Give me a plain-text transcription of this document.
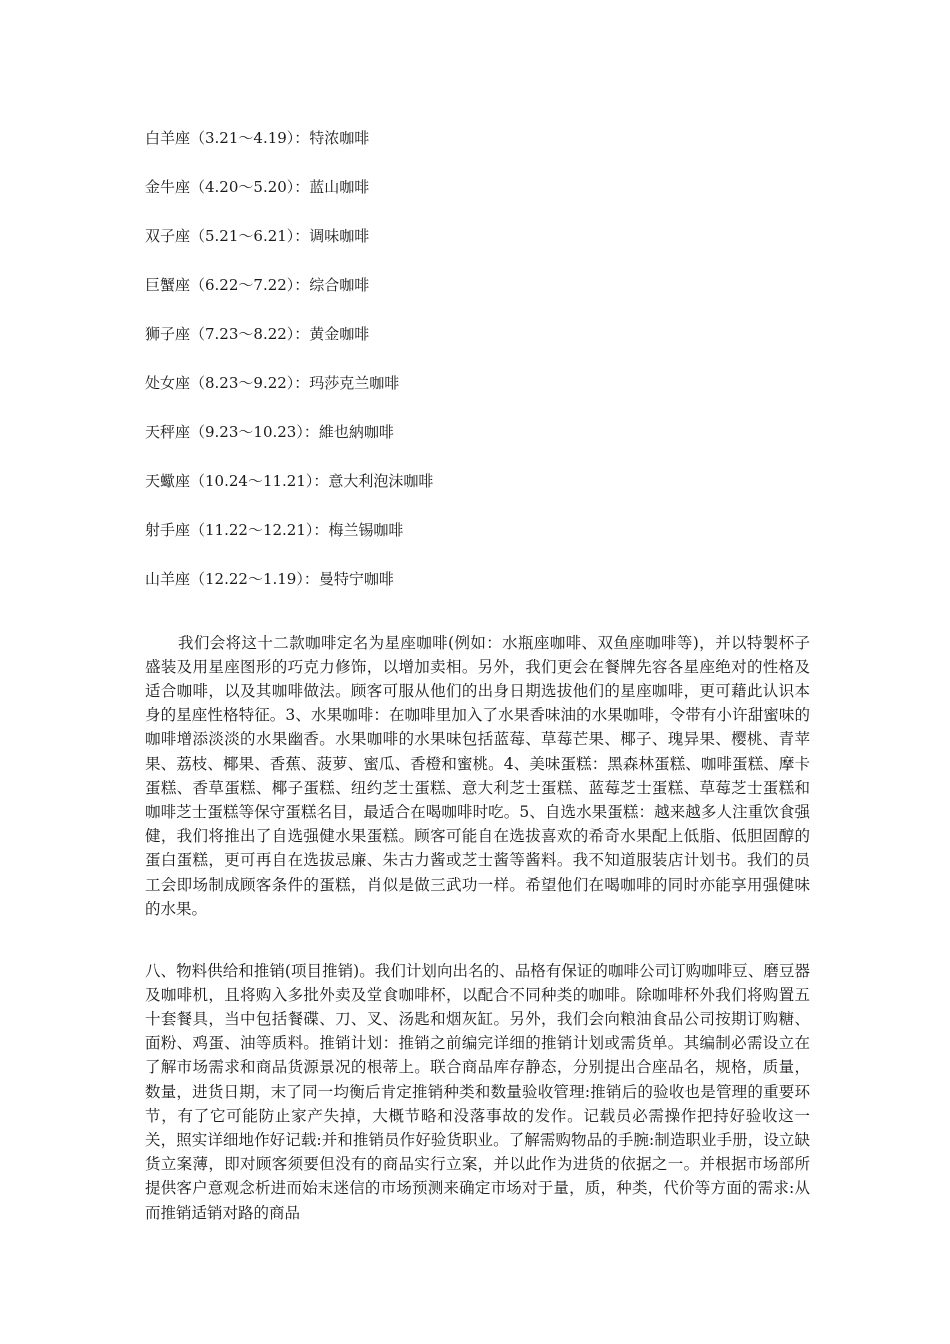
白羊座（3.21～4.19）：特浓咖啡
金牛座（4.20～5.20）：蓝山咖啡
双子座（5.21～6.21）：调味咖啡
巨蟹座（6.22～7.22）：综合咖啡
狮子座（7.23～8.22）：黄金咖啡
处女座（8.23～9.22）：玛莎克兰咖啡
天秤座（9.23～10.23）：維也納咖啡
天蠍座（10.24～11.21）：意大利泡沫咖啡
射手座（11.22～12.21）：梅兰锡咖啡
山羊座（12.22～1.19）：曼特宁咖啡

我们会将这十二款咖啡定名为星座咖啡(例如：水瓶座咖啡、双鱼座咖啡等)，并以特製杯子盛装及用星座图形的巧克力修饰，以增加卖相。另外，我们更会在餐牌先容各星座绝对的性格及适合咖啡，以及其咖啡做法。顾客可服从他们的出身日期选拔他们的星座咖啡，更可藉此认识本身的星座性格特征。3、水果咖啡：在咖啡里加入了水果香味油的水果咖啡，令带有小许甜蜜味的咖啡增添淡淡的水果幽香。水果咖啡的水果味包括蓝莓、草莓芒果、椰子、瑰异果、樱桃、青苹果、荔枝、椰果、香蕉、菠萝、蜜瓜、香橙和蜜桃。4、美味蛋糕：黑森林蛋糕、咖啡蛋糕、摩卡蛋糕、香草蛋糕、椰子蛋糕、纽约芝士蛋糕、意大利芝士蛋糕、蓝莓芝士蛋糕、草莓芝士蛋糕和咖啡芝士蛋糕等保守蛋糕名目，最适合在喝咖啡时吃。5、自选水果蛋糕：越来越多人注重饮食强健，我们将推出了自选强健水果蛋糕。顾客可能自在选拔喜欢的希奇水果配上低脂、低胆固醇的蛋白蛋糕，更可再自在选拔忌廉、朱古力酱或芝士酱等酱料。我不知道服装店计划书。我们的员工会即场制成顾客条件的蛋糕，肖似是做三武功一样。希望他们在喝咖啡的同时亦能享用强健味的水果。

八、物料供给和推销(项目推销)。我们计划向出名的、品格有保证的咖啡公司订购咖啡豆、磨豆器及咖啡机，且将购入多批外卖及堂食咖啡杯，以配合不同种类的咖啡。除咖啡杯外我们将购置五十套餐具，当中包括餐碟、刀、叉、汤匙和烟灰缸。另外，我们会向粮油食品公司按期订购糖、面粉、鸡蛋、油等质料。推销计划：推销之前编完详细的推销计划或需货单。其编制必需设立在了解市场需求和商品货源景况的根蒂上。联合商品库存静态，分别提出合座品名，规格，质量，数量，进货日期，末了同一均衡后肯定推销种类和数量验收管理:推销后的验收也是管理的重要环节，有了它可能防止家产失掉，大概节略和没落事故的发作。记载员必需操作把持好验收这一关，照实详细地作好记载:并和推销员作好验货职业。了解需购物品的手腕:制造职业手册，设立缺货立案薄，即对顾客须要但没有的商品实行立案，并以此作为进货的依据之一。并根据市场部所提供客户意观念析进而始末迷信的市场预测来确定市场对于量，质，种类，代价等方面的需求:从而推销适销对路的商品
